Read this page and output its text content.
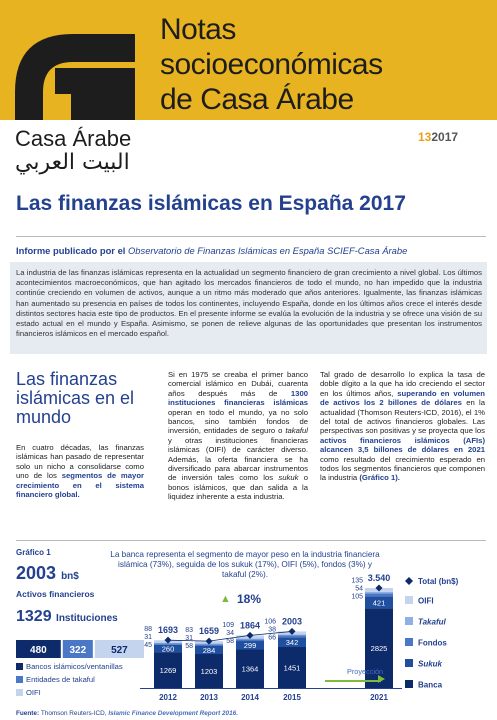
Notas
socioeconómicas
de Casa Árabe
Casa Árabe
البيت العربي
132017
Las finanzas islámicas en España 2017
Informe publicado por el Observatorio de Finanzas Islámicas en España SCIEF-Casa Árabe
La industria de las finanzas islámicas representa en la actualidad un segmento financiero de gran crecimiento a nivel global. Los últimos acontecimientos macroeconómicos, que han agitado los mercados financieros de todo el mundo, no han impedido que la industria continúe creciendo en volumen de activos, aunque a un ritmo más moderado que años anteriores. Igualmente, las finanzas islámicas han aumentado su presencia en países de todos los continentes, incluyendo España, donde en los últimos años crece el interés desde distintos sectores hacia este tipo de productos. En el presente informe se evalúa la evolución de la industria y se ofrece una visión de su estado actual en el mundo y España. Asimismo, se ponen de relieve algunas de las oportunidades que presentan los instrumentos financieros islámicos en el mercado español.
Las finanzas islámicas en el mundo
En cuatro décadas, las finanzas islámicas han pasado de representar solo un nicho a consolidarse como uno de los segmentos de mayor crecimiento en el sistema financiero global.
Si en 1975 se creaba el primer banco comercial islámico en Dubái, cuarenta años después más de 1300 instituciones financieras islámicas operan en todo el mundo, ya no solo bancos, sino también fondos de inversión, entidades de seguro o takaful y otras instituciones financieras islámicas (OIFI) de carácter diverso. Además, la oferta financiera se ha diversificado para abarcar instrumentos de inversión tales como los sukuk o bonos islámicos, que dan salida a la liquidez inherente a esta industria.
Tal grado de desarrollo lo explica la tasa de doble dígito a la que ha ido creciendo el sector en los últimos años, superando en volumen de activos los 2 billones de dólares en la actualidad (Thomson Reuters-ICD, 2016), el 1% del total de activos financieros globales. Las perspectivas son positivas y se proyecta que los activos financieros islámicos (AFIs) alcancen 3,5 billones de dólares en 2021 como resultado del crecimiento esperado en todos los segmentos financieros que componen la industria (Gráfico 1).
Gráfico 1	La banca representa el segmento de mayor peso en la industria financiera islámica (73%), seguida de los sukuk (17%), OIFI (5%), fondos (3%) y takaful (2%).
2003 bn$
Activos financieros
1329 Instituciones
480 322 527
Bancos islámicos/ventanillas
Entidades de takaful
OIFI
1269
260
88
31
45
1693
2012
1203
284
83
31
58
1659
2013
1364
299
109
34
58
1864
2014
1451
342
106
38
66
2003
2015
2825
421
135
54
105
3.540
2021
Total (bn$)
OIFI
Takaful
Fondos
Sukuk
Banca
▲ 18%
Proyección
Fuente: Thomson Reuters-ICD, Islamic Finance Development Report 2016.
